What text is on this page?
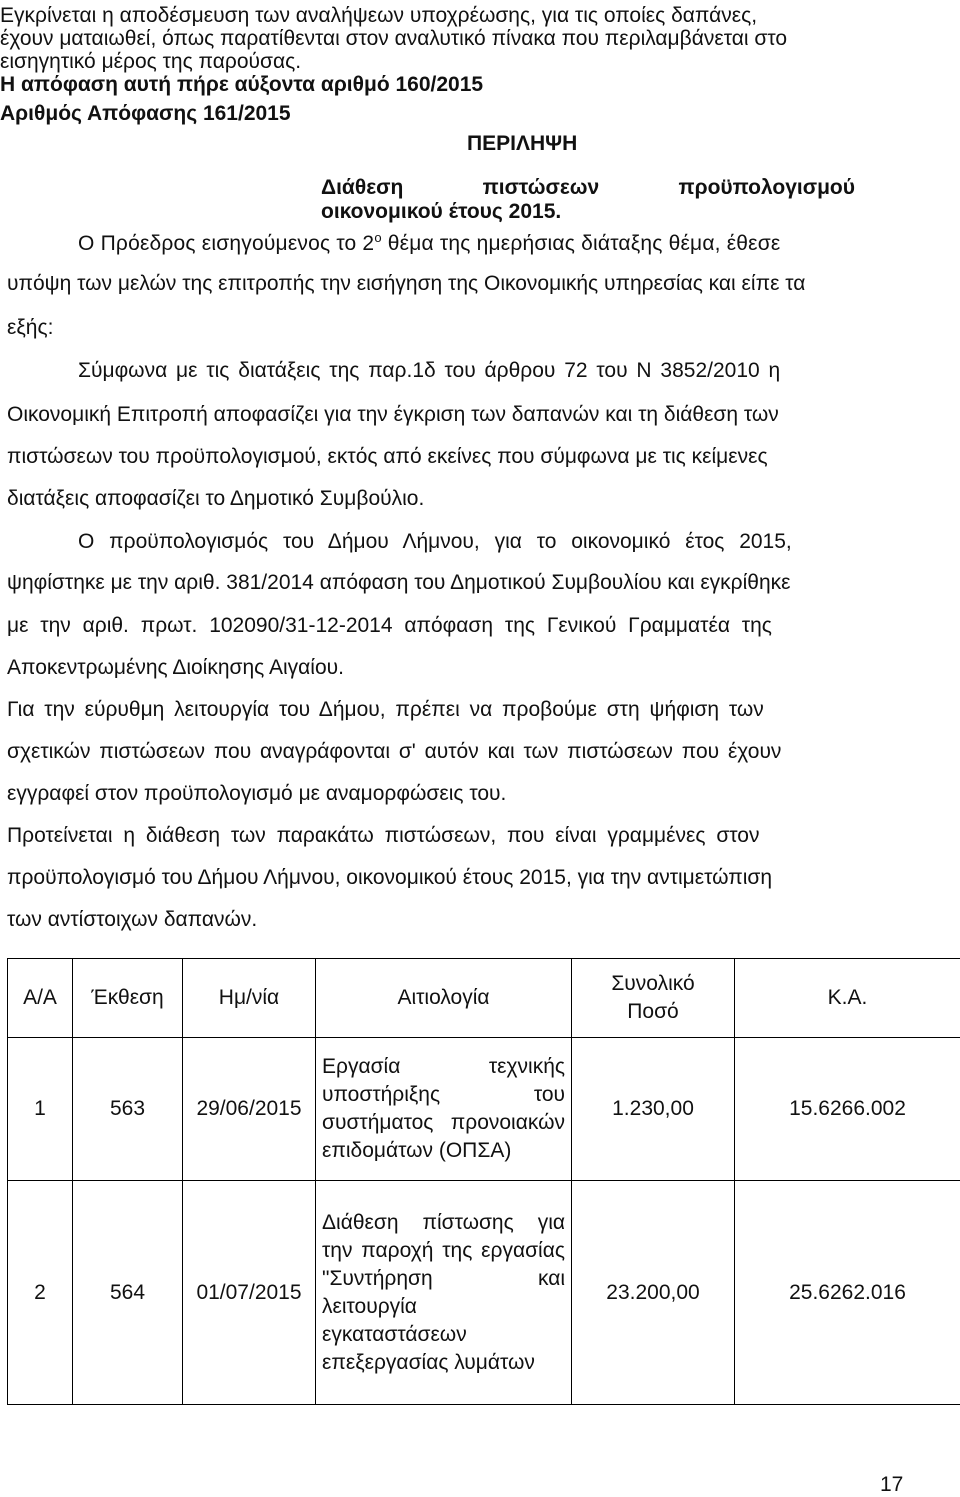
Εγκρίνεται η αποδέσμευση των αναλήψεων υποχρέωσης, για τις οποίες δαπάνες,
έχουν ματαιωθεί, όπως παρατίθενται στον αναλυτικό πίνακα που περιλαμβάνεται στο
εισηγητικό μέρος της παρούσας.
Η απόφαση αυτή πήρε αύξοντα αριθμό 160/2015
Αριθμός Απόφασης 161/2015
ΠΕΡΙΛΗΨΗ
Διάθεση	πιστώσεων	προϋπολογισμού
οικονομικού έτους 2015.
Ο Πρόεδρος εισηγούμενος το $2^o$ θέμα της ημερήσιας διάταξης θέμα, έθεσε
υπόψη των μελών της επιτροπής την εισήγηση της Οικονομικής υπηρεσίας και είπε τα
εξής:
Σύμφωνα με τις διατάξεις της παρ.1δ του άρθρου 72 του Ν 3852/2010 η
Οικονομική Επιτροπή αποφασίζει για την έγκριση των δαπανών και τη διάθεση των
πιστώσεων του προϋπολογισμού, εκτός από εκείνες που σύμφωνα με τις κείμενες
διατάξεις αποφασίζει το Δημοτικό Συμβούλιο.
Ο προϋπολογισμός του Δήμου Λήμνου, για το οικονομικό έτος 2015,
ψηφίστηκε με την αριθ. 381/2014 απόφαση του Δημοτικού Συμβουλίου και εγκρίθηκε
με την αριθ. πρωτ. 102090/31-12-2014 απόφαση της Γενικού Γραμματέα της
Αποκεντρωμένης Διοίκησης Αιγαίου.
Για την εύρυθμη λειτουργία του Δήμου, πρέπει να προβούμε στη ψήφιση των
σχετικών πιστώσεων που αναγράφονται σ' αυτόν και των πιστώσεων που έχουν
εγγραφεί στον προϋπολογισμό με αναμορφώσεις του.
Προτείνεται η διάθεση των παρακάτω πιστώσεων, που είναι γραμμένες στον
προϋπολογισμό του Δήμου Λήμνου, οικονομικού έτους 2015, για την αντιμετώπιση
των αντίστοιχων δαπανών.
Α/Α	Έκθεση	Ημ/νία	Αιτιολογία	Συνολικό Ποσό	Κ.Α.
1	563	29/06/2015	Εργασία τεχνικής υποστήριξης του συστήματος προνοιακών επιδομάτων (ΟΠΣΑ)	1.230,00	15.6266.002
2	564	01/07/2015	Διάθεση πίστωσης για την παροχή της εργασίας "Συντήρηση και λειτουργία εγκαταστάσεων επεξεργασίας λυμάτων	23.200,00	25.6262.016
17
